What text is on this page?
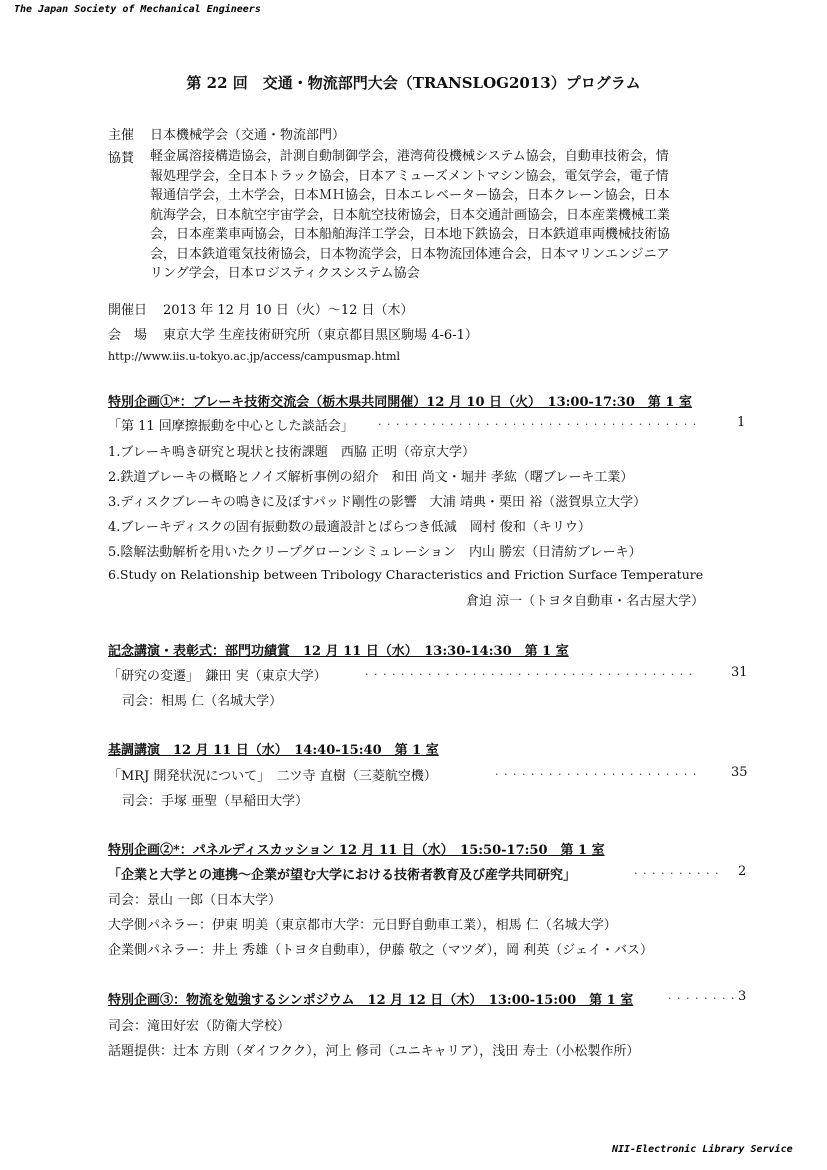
The Japan Society of Mechanical Engineers
NII-Electronic Library Service
第 22 回　交通・物流部門大会（TRANSLOG2013）プログラム
主催 日本機械学会（交通・物流部門）
協賛 軽金属溶接構造協会，計測自動制御学会，港湾荷役機械システム協会，自動車技術会，情
報処理学会，全日本トラック協会，日本アミューズメントマシン協会，電気学会，電子情
報通信学会，土木学会，日本ＭＨ協会，日本エレベーター協会，日本クレーン協会，日本
航海学会，日本航空宇宙学会，日本航空技術協会，日本交通計画協会，日本産業機械工業
会，日本産業車両協会，日本船舶海洋工学会，日本地下鉄協会，日本鉄道車両機械技術協
会，日本鉄道電気技術協会，日本物流学会，日本物流団体連合会，日本マリンエンジニア
リング学会，日本ロジスティクスシステム協会
開催日 2013 年 12 月 10 日（火）～12 日（木）
会　場 東京大学 生産技術研究所（東京都目黒区駒場 4-6-1）
http://www.iis.u-tokyo.ac.jp/access/campusmap.html
特別企画①*：ブレーキ技術交流会（栃木県共同開催）12 月 10 日（火）　13:00-17:30　第 1 室
「第 11 回摩擦振動を中心とした談話会」 · · · · · · · · · · · · · · · · · · · · · · · · · · · · · · · · · · · ·	1
1.ブレーキ鳴き研究と現状と技術課題　西脇 正明（帝京大学）
2.鉄道ブレーキの概略とノイズ解析事例の紹介　和田 尚文・堀井 孝紘（曙ブレーキ工業）
3.ディスクブレーキの鳴きに及ぼすパッド剛性の影響　大浦 靖典・栗田 裕（滋賀県立大学）
4.ブレーキディスクの固有振動数の最適設計とばらつき低減　岡村 俊和（キリウ）
5.陰解法動解析を用いたクリープグローンシミュレーション　内山 勝宏（日清紡ブレーキ）
6.Study on Relationship between Tribology Characteristics and Friction Surface Temperature
倉迫 涼一（トヨタ自動車・名古屋大学）
記念講演・表彰式：部門功績賞　12 月 11 日（水）　13:30-14:30　第 1 室
「研究の変遷」　鎌田 実（東京大学）	· · · · · · · · · · · · · · · · · · · · · · · · · · · · · · · · · · · · ·	31
司会：相馬 仁（名城大学）
基調講演　12 月 11 日（水）　14:40-15:40　第 1 室
「MRJ 開発状況について」　二ツ寺 直樹（三菱航空機）	· · · · · · · · · · · · · · · · · · · · · · ·	35
司会：手塚 亜聖（早稲田大学）
特別企画②*：パネルディスカッション 12 月 11 日（水）　15:50-17:50　第 1 室
「企業と大学との連携～企業が望む大学における技術者教育及び産学共同研究」	· · · · · · · · · · 2
司会：景山 一郎（日本大学）
大学側パネラー：伊東 明美（東京都市大学：元日野自動車工業），相馬 仁（名城大学）
企業側パネラー：井上 秀雄（トヨタ自動車），伊藤 敬之（マツダ），岡 利英（ジェイ・バス）
特別企画③：物流を勉強するシンポジウム　12 月 12 日（木）　13:00-15:00　第 1 室	· · · · · · · · 3
司会：滝田好宏（防衛大学校）
話題提供：辻本 方則（ダイフクク），河上 修司（ユニキャリア），浅田 寿士（小松製作所）
